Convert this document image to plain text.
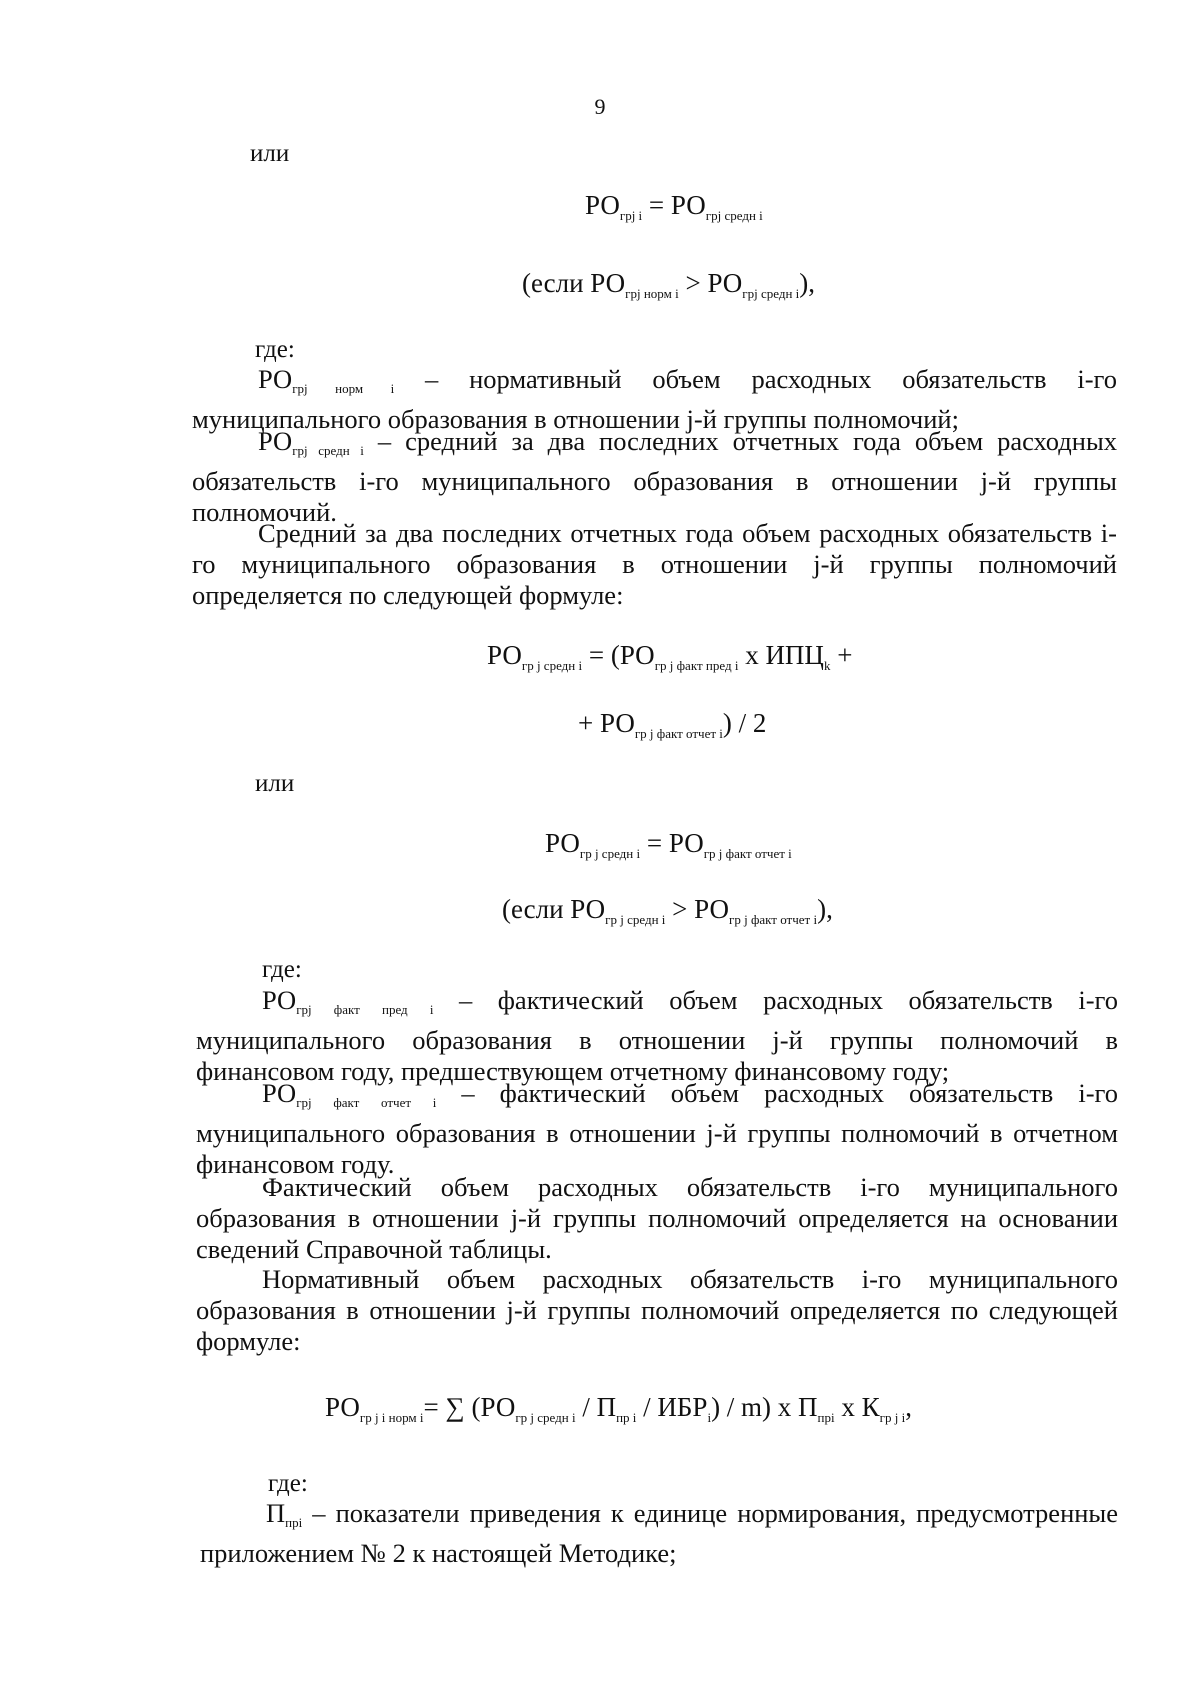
9
или
$РО_{грj i} = РО_{грj средн i}$
(если $РО_{грj норм i} > РО_{грj средн i}$),
где:
$РО_{грj норм i}$ – нормативный объем расходных обязательств i-го муниципального образования в отношении j-й группы полномочий;
$РО_{грj средн i}$ – средний за два последних отчетных года объем расходных обязательств i-го муниципального образования в отношении j-й группы полномочий.
Средний за два последних отчетных года объем расходных обязательств i-го муниципального образования в отношении j-й группы полномочий определяется по следующей формуле:
$РО_{гр j средн i} = (РО_{гр j факт пред i}$ х $ИПЦ_k$ +
+ $РО_{гр j факт отчет i}) / 2$
или
$РО_{гр j средн i} = РО_{гр j факт отчет i}$
(если $РО_{гр j средн i} > РО_{гр j факт отчет i}$),
где:
$РО_{грj факт пред i}$ – фактический объем расходных обязательств i-го муниципального образования в отношении j-й группы полномочий в финансовом году, предшествующем отчетному финансовому году;
$РО_{грj факт отчет i}$ – фактический объем расходных обязательств i-го муниципального образования в отношении j-й группы полномочий в отчетном финансовом году.
Фактический объем расходных обязательств i-го муниципального образования в отношении j-й группы полномочий определяется на основании сведений Справочной таблицы.
Нормативный объем расходных обязательств i-го муниципального образования в отношении j-й группы полномочий определяется по следующей формуле:
$РО_{гр j i норм i}=$ ∑ $(РО_{гр j средн i} / П_{пр i} / ИБР_i) / m$) х $П_{прi}$ х $К_{гр j i}$,
где:
$П_{прi}$ – показатели приведения к единице нормирования, предусмотренные приложением № 2 к настоящей Методике;
